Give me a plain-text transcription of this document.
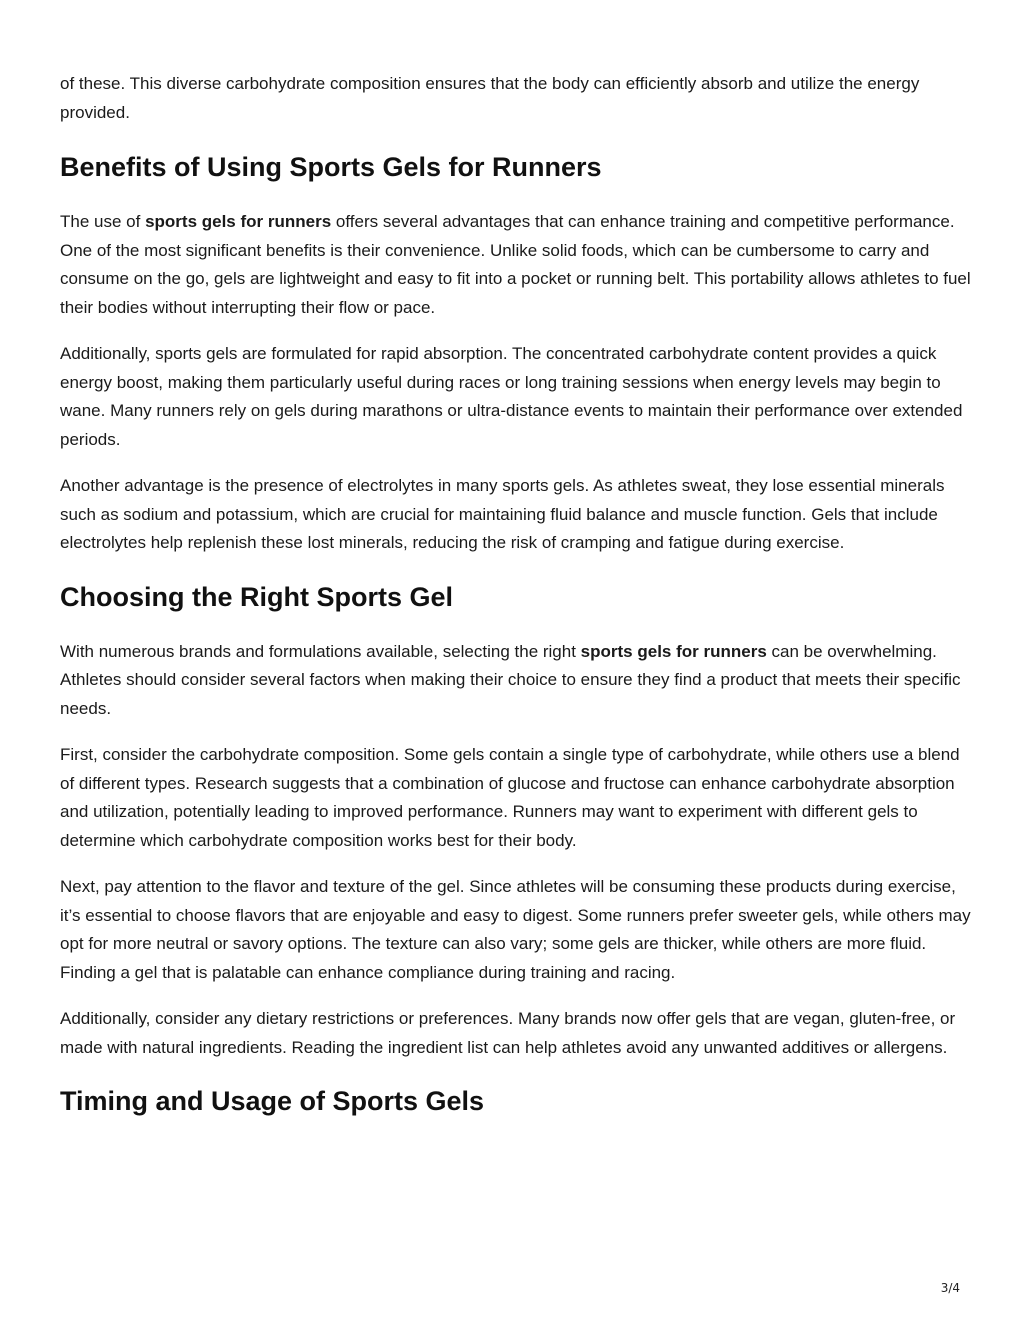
of these. This diverse carbohydrate composition ensures that the body can efficiently absorb and utilize the energy provided.

Benefits of Using Sports Gels for Runners

The use of sports gels for runners offers several advantages that can enhance training and competitive performance. One of the most significant benefits is their convenience. Unlike solid foods, which can be cumbersome to carry and consume on the go, gels are lightweight and easy to fit into a pocket or running belt. This portability allows athletes to fuel their bodies without interrupting their flow or pace.

Additionally, sports gels are formulated for rapid absorption. The concentrated carbohydrate content provides a quick energy boost, making them particularly useful during races or long training sessions when energy levels may begin to wane. Many runners rely on gels during marathons or ultra-distance events to maintain their performance over extended periods.

Another advantage is the presence of electrolytes in many sports gels. As athletes sweat, they lose essential minerals such as sodium and potassium, which are crucial for maintaining fluid balance and muscle function. Gels that include electrolytes help replenish these lost minerals, reducing the risk of cramping and fatigue during exercise.

Choosing the Right Sports Gel

With numerous brands and formulations available, selecting the right sports gels for runners can be overwhelming. Athletes should consider several factors when making their choice to ensure they find a product that meets their specific needs.

First, consider the carbohydrate composition. Some gels contain a single type of carbohydrate, while others use a blend of different types. Research suggests that a combination of glucose and fructose can enhance carbohydrate absorption and utilization, potentially leading to improved performance. Runners may want to experiment with different gels to determine which carbohydrate composition works best for their body.

Next, pay attention to the flavor and texture of the gel. Since athletes will be consuming these products during exercise, it’s essential to choose flavors that are enjoyable and easy to digest. Some runners prefer sweeter gels, while others may opt for more neutral or savory options. The texture can also vary; some gels are thicker, while others are more fluid. Finding a gel that is palatable can enhance compliance during training and racing.

Additionally, consider any dietary restrictions or preferences. Many brands now offer gels that are vegan, gluten-free, or made with natural ingredients. Reading the ingredient list can help athletes avoid any unwanted additives or allergens.

Timing and Usage of Sports Gels
3/4
